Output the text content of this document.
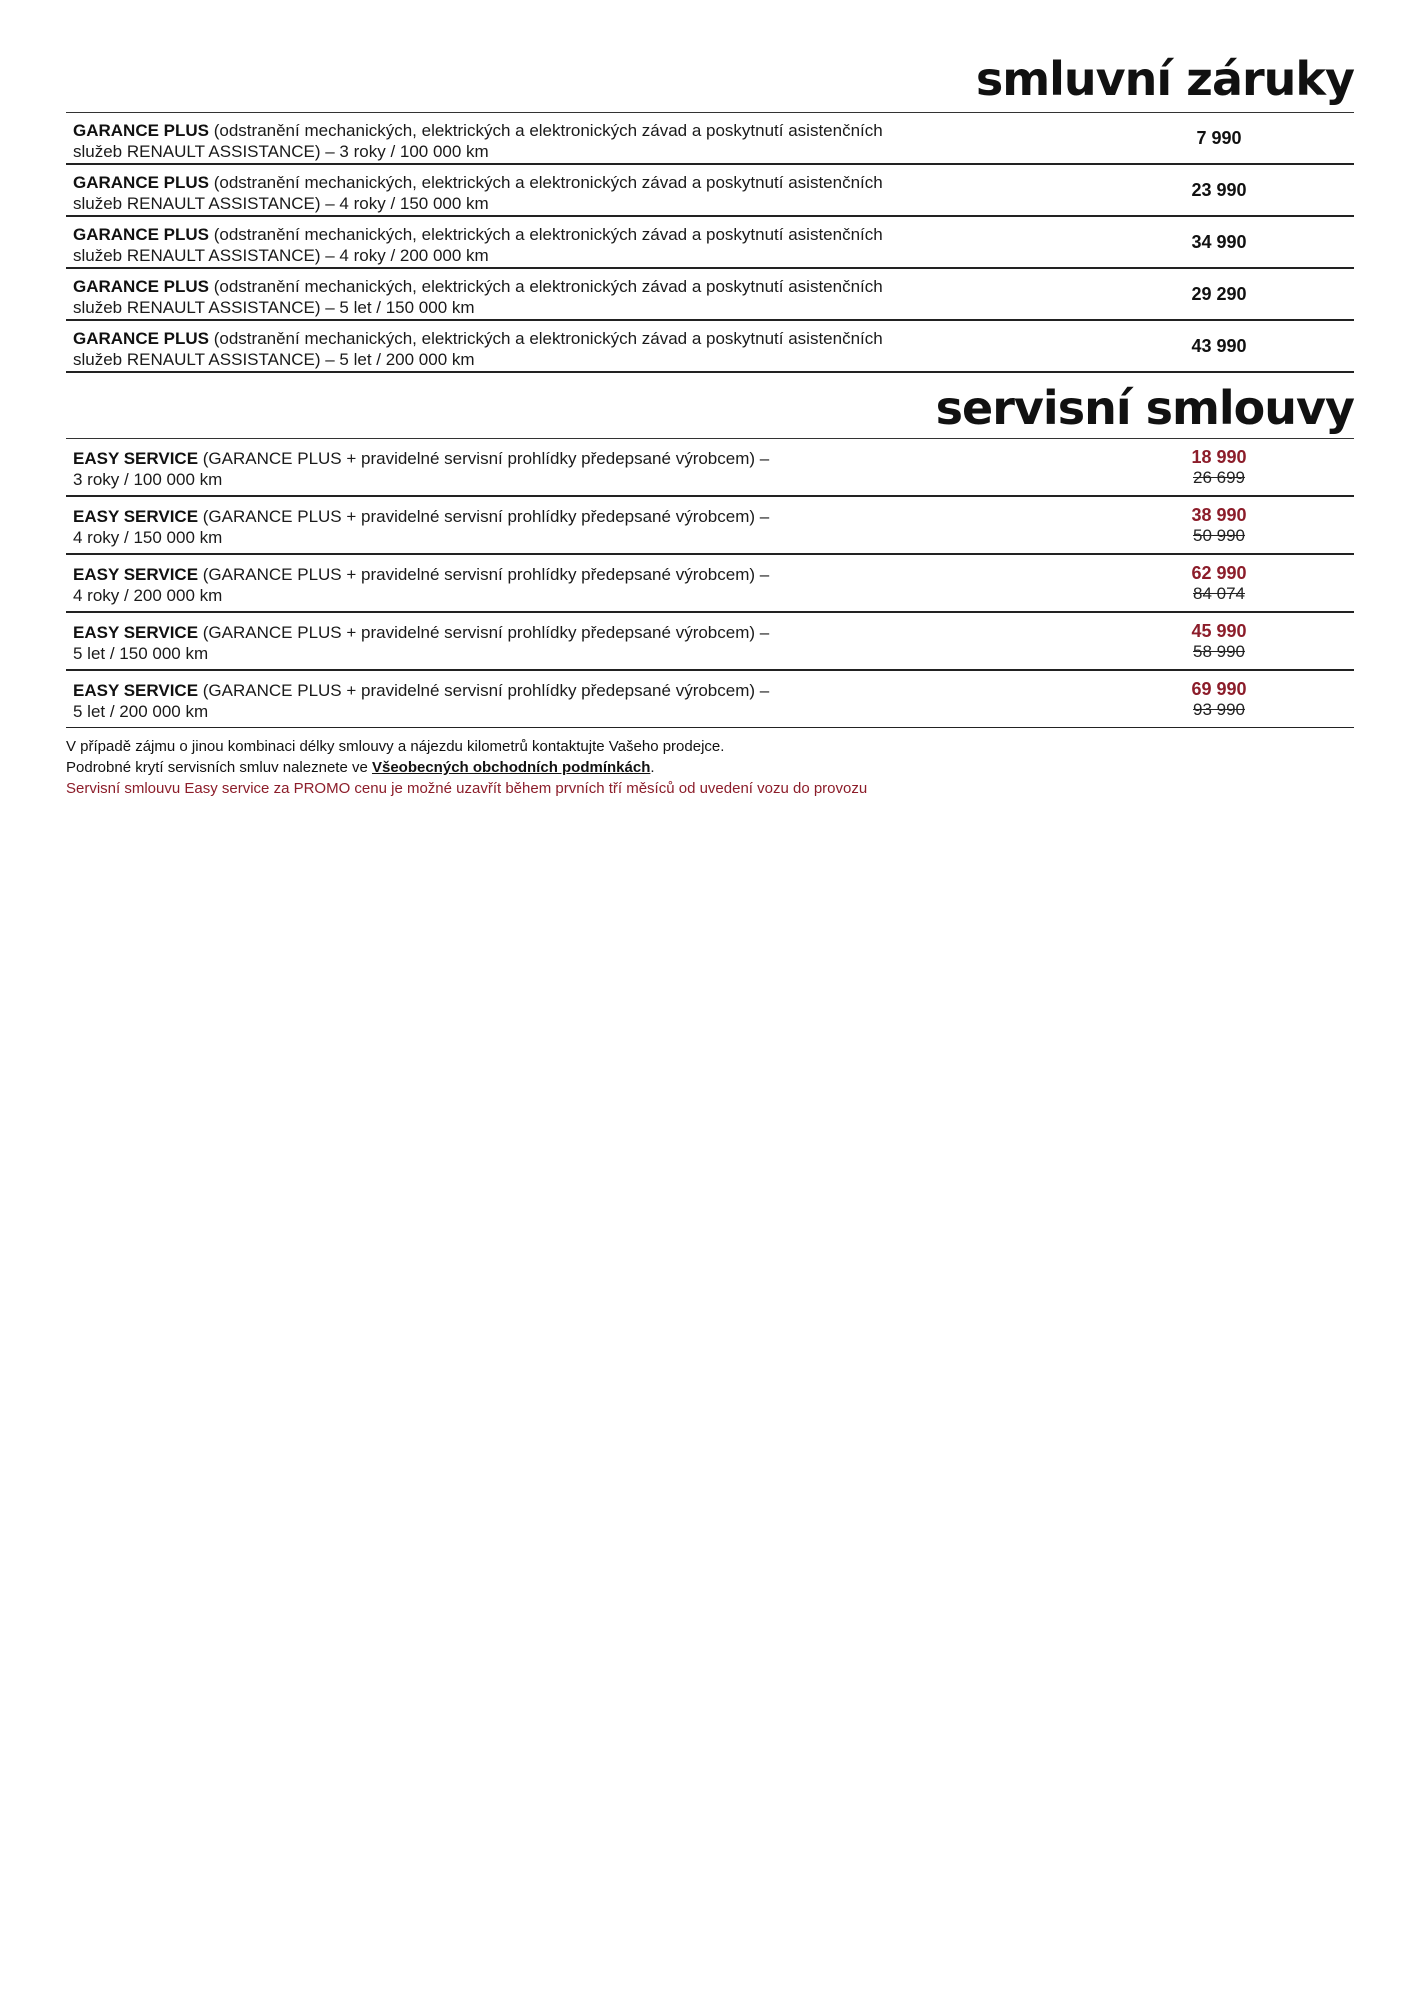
smluvní záruky
GARANCE PLUS (odstranění mechanických, elektrických a elektronických závad a poskytnutí asistenčních
služeb RENAULT ASSISTANCE) – 3 roky / 100 000 km	7 990
GARANCE PLUS (odstranění mechanických, elektrických a elektronických závad a poskytnutí asistenčních
služeb RENAULT ASSISTANCE) – 4 roky / 150 000 km	23 990
GARANCE PLUS (odstranění mechanických, elektrických a elektronických závad a poskytnutí asistenčních
služeb RENAULT ASSISTANCE) – 4 roky / 200 000 km	34 990
GARANCE PLUS (odstranění mechanických, elektrických a elektronických závad a poskytnutí asistenčních
služeb RENAULT ASSISTANCE) – 5 let / 150 000 km	29 290
GARANCE PLUS (odstranění mechanických, elektrických a elektronických závad a poskytnutí asistenčních
služeb RENAULT ASSISTANCE) – 5 let / 200 000 km	43 990
servisní smlouvy
EASY SERVICE (GARANCE PLUS + pravidelné servisní prohlídky předepsané výrobcem) –
3 roky / 100 000 km	18 990
26 699

EASY SERVICE (GARANCE PLUS + pravidelné servisní prohlídky předepsané výrobcem) –
4 roky / 150 000 km	38 990
50 990

EASY SERVICE (GARANCE PLUS + pravidelné servisní prohlídky předepsané výrobcem) –
4 roky / 200 000 km	62 990
84 074

EASY SERVICE (GARANCE PLUS + pravidelné servisní prohlídky předepsané výrobcem) –
5 let / 150 000 km	45 990
58 990

EASY SERVICE (GARANCE PLUS + pravidelné servisní prohlídky předepsané výrobcem) –
5 let / 200 000 km	69 990
93 990
V případě zájmu o jinou kombinaci délky smlouvy a nájezdu kilometrů kontaktujte Vašeho prodejce.
Podrobné krytí servisních smluv naleznete ve Všeobecných obchodních podmínkách.
Servisní smlouvu Easy service za PROMO cenu je možné uzavřít během prvních tří měsíců od uvedení vozu do provozu
